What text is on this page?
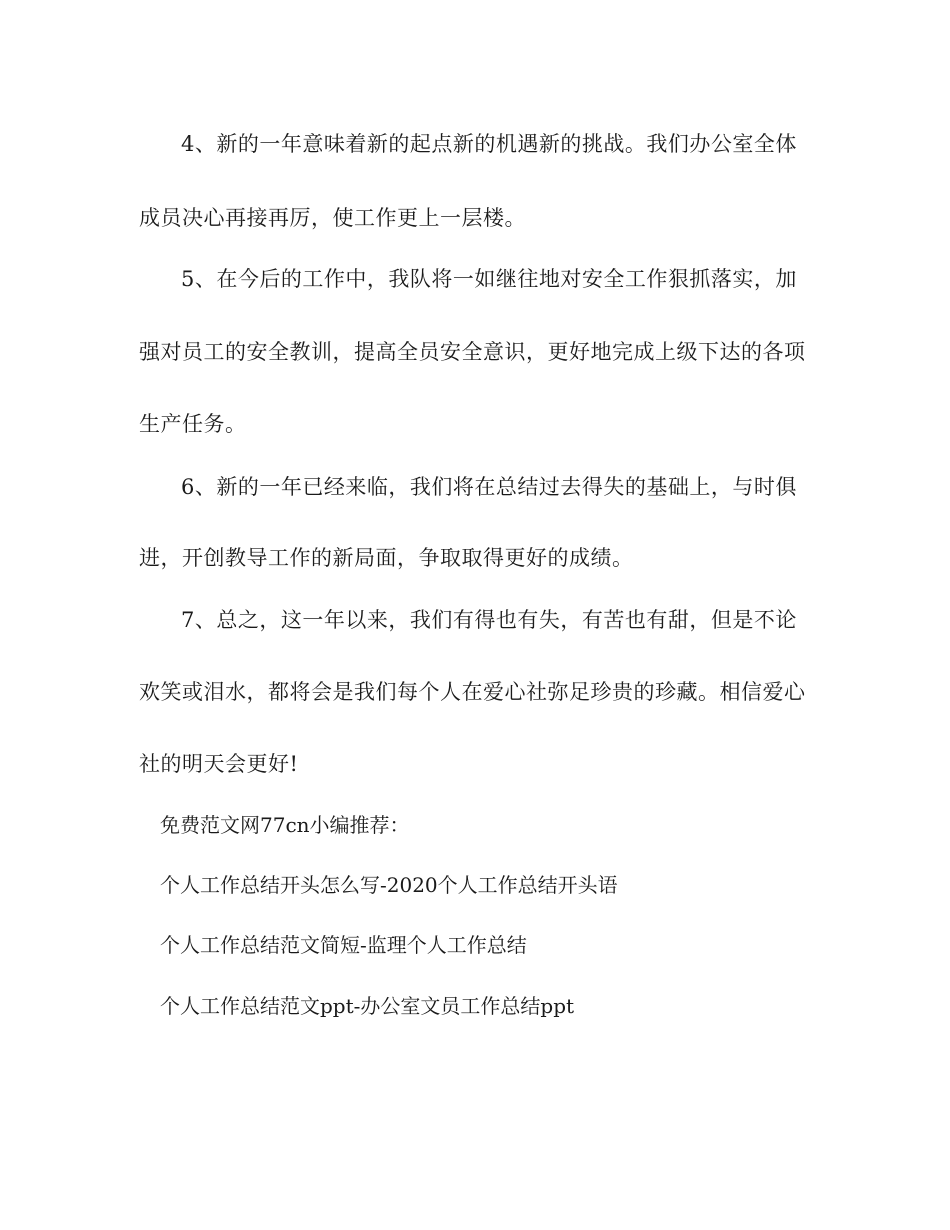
4、新的一年意味着新的起点新的机遇新的挑战。我们办公室全体
成员决心再接再厉，使工作更上一层楼。
5、在今后的工作中，我队将一如继往地对安全工作狠抓落实，加
强对员工的安全教训，提高全员安全意识，更好地完成上级下达的各项
生产任务。
6、新的一年已经来临，我们将在总结过去得失的基础上，与时俱
进，开创教导工作的新局面，争取取得更好的成绩。
7、总之，这一年以来，我们有得也有失，有苦也有甜，但是不论
欢笑或泪水，都将会是我们每个人在爱心社弥足珍贵的珍藏。相信爱心
社的明天会更好!
免费范文网77cn小编推荐：
个人工作总结开头怎么写-2020个人工作总结开头语
个人工作总结范文简短-监理个人工作总结
个人工作总结范文ppt-办公室文员工作总结ppt
